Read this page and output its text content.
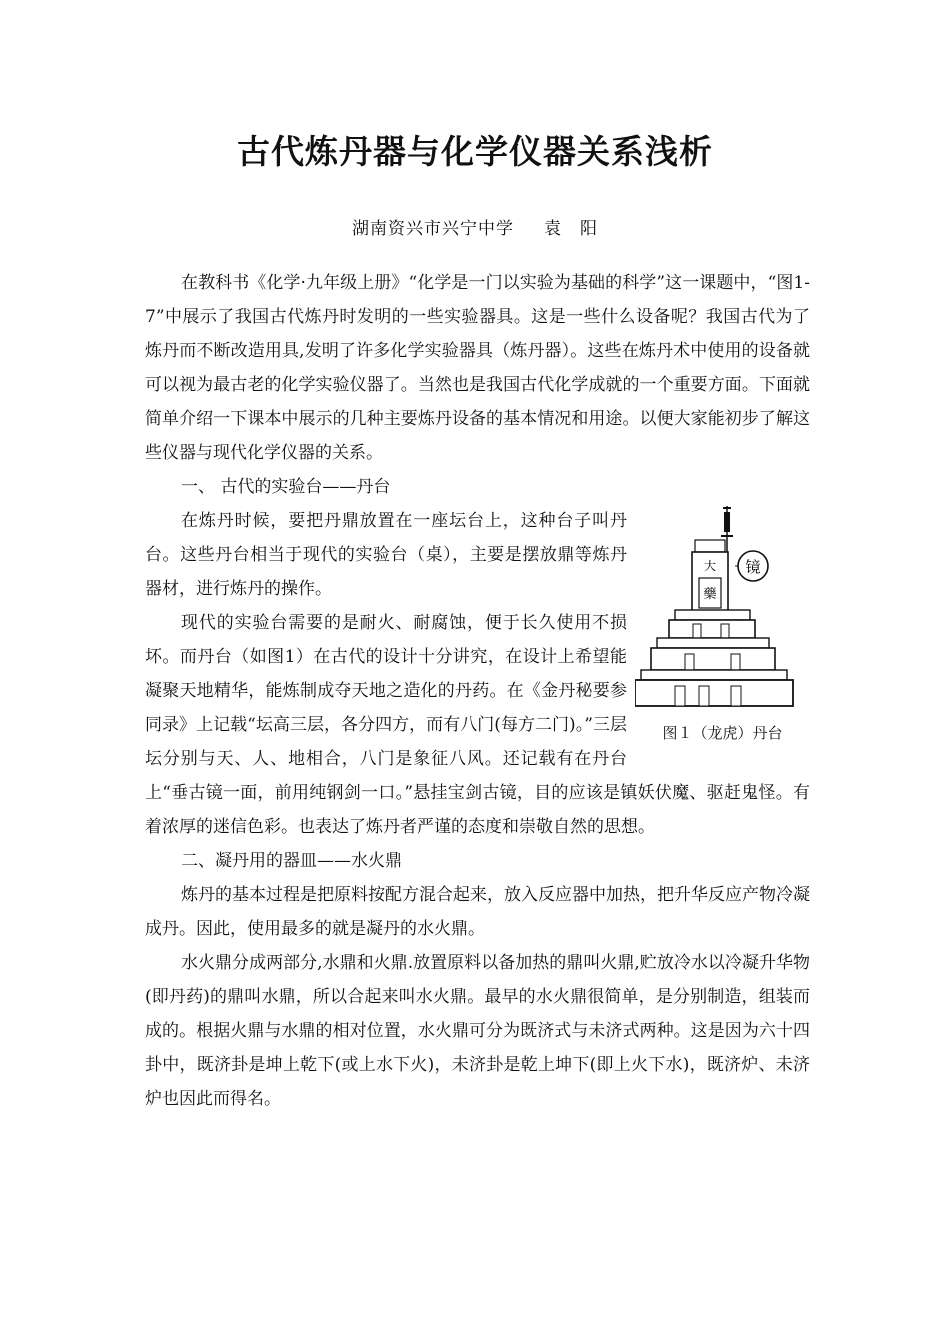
古代炼丹器与化学仪器关系浅析
湖南资兴市兴宁中学 袁　阳

在教科书《化学·九年级上册》“化学是一门以实验为基础的科学”这一课题中，“图1-7”中展示了我国古代炼丹时发明的一些实验器具。这是一些什么设备呢？我国古代为了炼丹而不断改造用具,发明了许多化学实验器具（炼丹器）。这些在炼丹术中使用的设备就可以视为最古老的化学实验仪器了。当然也是我国古代化学成就的一个重要方面。下面就简单介绍一下课本中展示的几种主要炼丹设备的基本情况和用途。以便大家能初步了解这些仪器与现代化学仪器的关系。

一、 古代的实验台——丹台

镜
大
藥
图１（龙虎）丹台

在炼丹时候，要把丹鼎放置在一座坛台上，这种台子叫丹台。这些丹台相当于现代的实验台（桌），主要是摆放鼎等炼丹器材，进行炼丹的操作。

现代的实验台需要的是耐火、耐腐蚀，便于长久使用不损坏。而丹台（如图1）在古代的设计十分讲究，在设计上希望能凝聚天地精华，能炼制成夺天地之造化的丹药。在《金丹秘要参同录》上记载“坛高三层，各分四方，而有八门(每方二门)。”三层坛分别与天、人、地相合，八门是象征八风。还记载有在丹台上“垂古镜一面，前用纯钢剑一口。”悬挂宝剑古镜，目的应该是镇妖伏魔、驱赶鬼怪。有着浓厚的迷信色彩。也表达了炼丹者严谨的态度和崇敬自然的思想。

二、凝丹用的器皿——水火鼎

炼丹的基本过程是把原料按配方混合起来，放入反应器中加热，把升华反应产物冷凝成丹。因此，使用最多的就是凝丹的水火鼎。

水火鼎分成两部分,水鼎和火鼎.放置原料以备加热的鼎叫火鼎,贮放冷水以冷凝升华物(即丹药)的鼎叫水鼎，所以合起来叫水火鼎。最早的水火鼎很简单，是分别制造，组装而成的。根据火鼎与水鼎的相对位置，水火鼎可分为既济式与未济式两种。这是因为六十四卦中，既济卦是坤上乾下(或上水下火)，未济卦是乾上坤下(即上火下水)，既济炉、未济炉也因此而得名。
